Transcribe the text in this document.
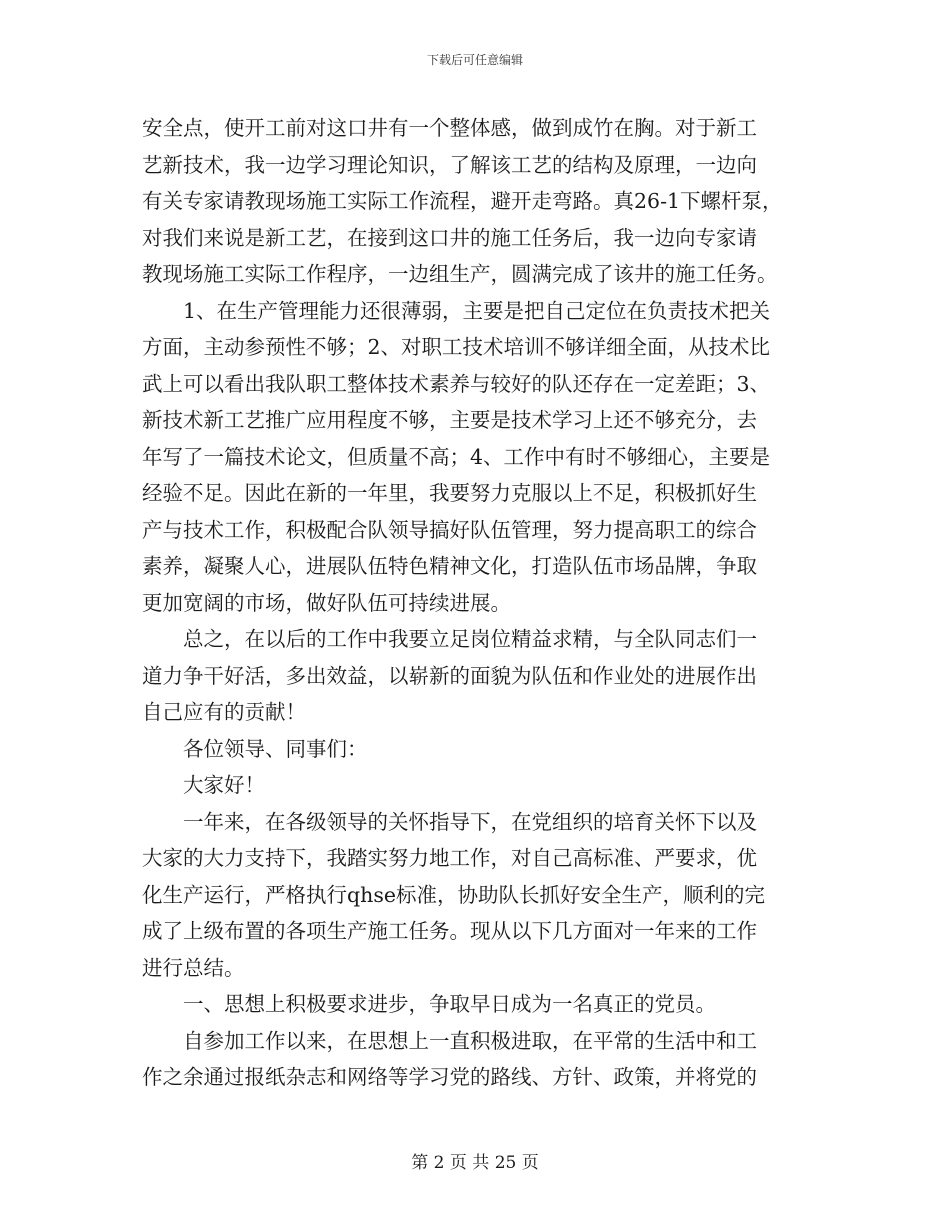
下载后可任意编辑
安全点，使开工前对这口井有一个整体感，做到成竹在胸。对于新工
艺新技术，我一边学习理论知识，了解该工艺的结构及原理，一边向
有关专家请教现场施工实际工作流程，避开走弯路。真26-1下螺杆泵，
对我们来说是新工艺，在接到这口井的施工任务后，我一边向专家请
教现场施工实际工作程序，一边组生产，圆满完成了该井的施工任务。
1、在生产管理能力还很薄弱，主要是把自己定位在负责技术把关
方面，主动参预性不够；2、对职工技术培训不够详细全面，从技术比
武上可以看出我队职工整体技术素养与较好的队还存在一定差距；3、
新技术新工艺推广应用程度不够，主要是技术学习上还不够充分，去
年写了一篇技术论文，但质量不高；4、工作中有时不够细心，主要是
经验不足。因此在新的一年里，我要努力克服以上不足，积极抓好生
产与技术工作，积极配合队领导搞好队伍管理，努力提高职工的综合
素养，凝聚人心，进展队伍特色精神文化，打造队伍市场品牌，争取
更加宽阔的市场，做好队伍可持续进展。
总之，在以后的工作中我要立足岗位精益求精，与全队同志们一
道力争干好活，多出效益，以崭新的面貌为队伍和作业处的进展作出
自己应有的贡献！
各位领导、同事们：
大家好！
一年来，在各级领导的关怀指导下，在党组织的培育关怀下以及
大家的大力支持下，我踏实努力地工作，对自己高标准、严要求，优
化生产运行，严格执行qhse标准，协助队长抓好安全生产，顺利的完
成了上级布置的各项生产施工任务。现从以下几方面对一年来的工作
进行总结。
一、思想上积极要求进步，争取早日成为一名真正的党员。
自参加工作以来，在思想上一直积极进取，在平常的生活中和工
作之余通过报纸杂志和网络等学习党的路线、方针、政策，并将党的
第 2 页 共 25 页
